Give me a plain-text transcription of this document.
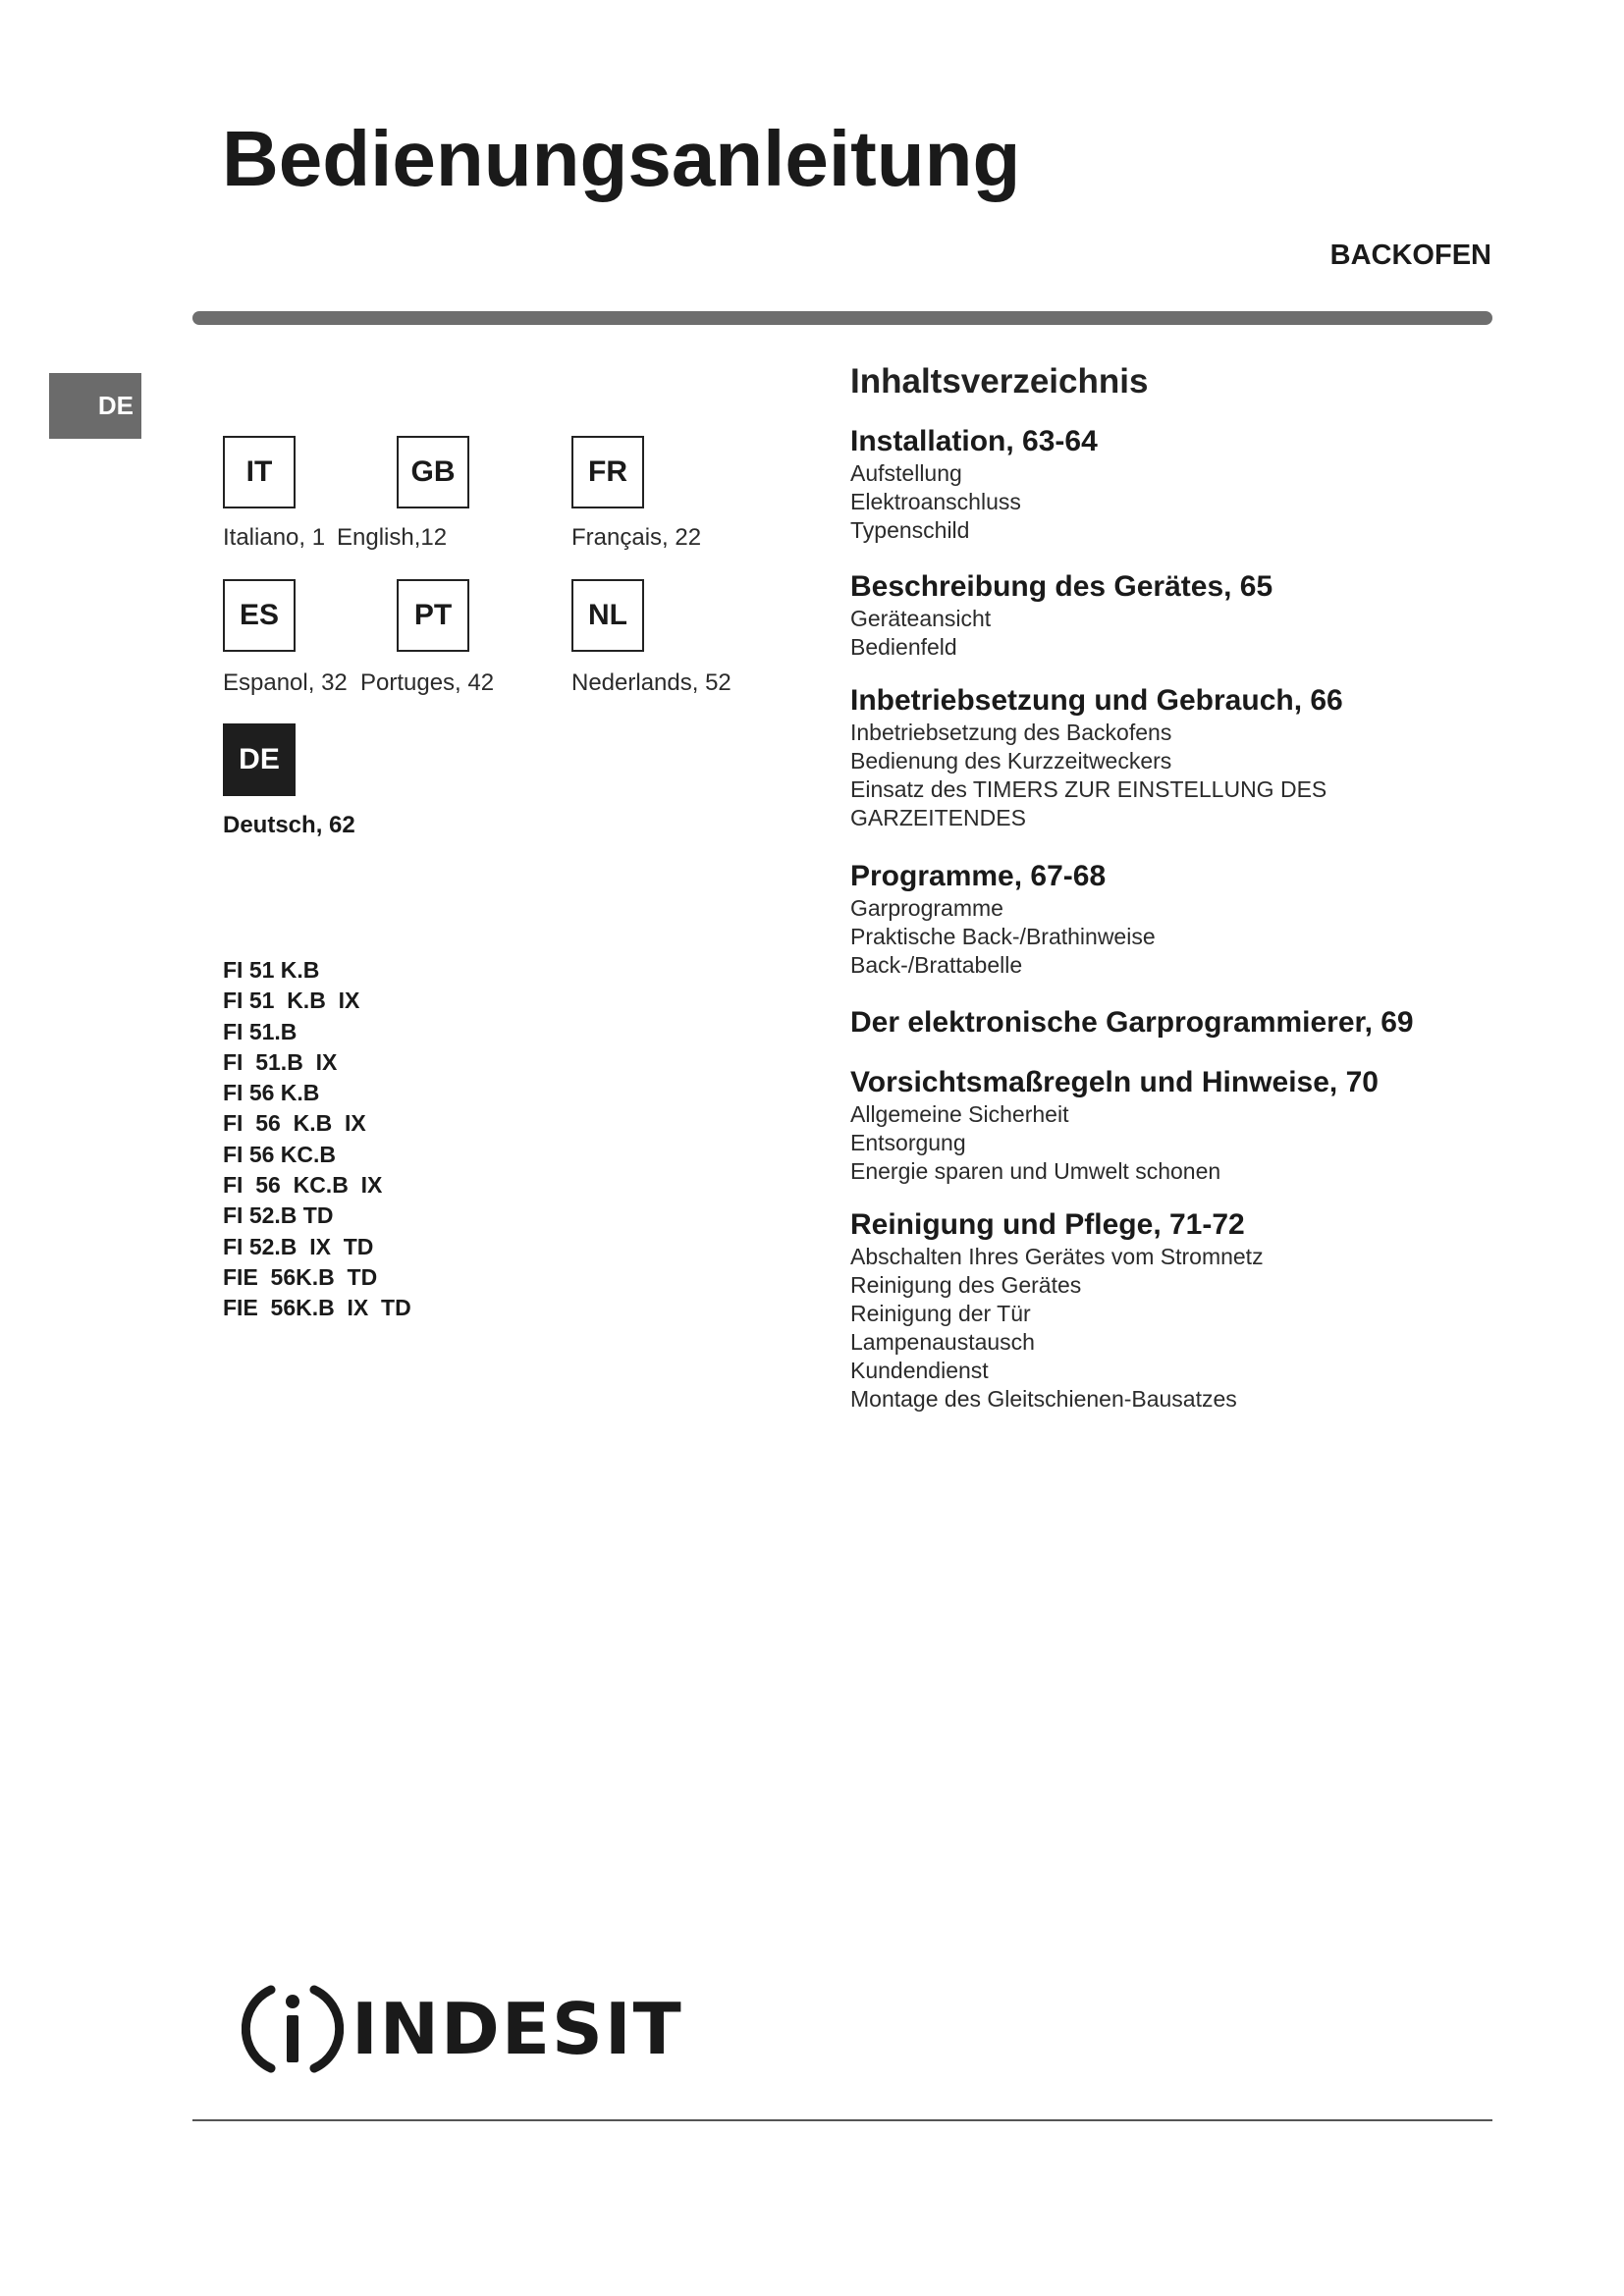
Bedienungsanleitung
BACKOFEN
DE
IT	GB	FR
Italiano, 1 English,12	Français, 22
ES	PT	NL
Espanol, 32 Portuges, 42	Nederlands, 52
DE
Deutsch, 62
FI 51 K.B
FI 51  K.B  IX
FI 51.B
FI  51.B  IX
FI 56 K.B
FI  56  K.B  IX
FI 56 KC.B
FI  56  KC.B  IX
FI 52.B TD
FI 52.B  IX  TD
FIE  56K.B  TD
FIE  56K.B  IX  TD
Inhaltsverzeichnis
Installation, 63-64
Aufstellung
Elektroanschluss
Typenschild
Beschreibung des Gerätes, 65
Geräteansicht
Bedienfeld
Inbetriebsetzung und Gebrauch, 66
Inbetriebsetzung des Backofens
Bedienung des Kurzzeitweckers
Einsatz des TIMERS ZUR EINSTELLUNG DES
GARZEITENDES
Programme, 67-68
Garprogramme
Praktische Back-/Brathinweise
Back-/Brattabelle
Der elektronische Garprogrammierer, 69
Vorsichtsmaßregeln und Hinweise, 70
Allgemeine Sicherheit
Entsorgung
Energie sparen und Umwelt schonen
Reinigung und Pflege, 71-72
Abschalten Ihres Gerätes vom Stromnetz
Reinigung des Gerätes
Reinigung der Tür
Lampenaustausch
Kundendienst
Montage des Gleitschienen-Bausatzes
INDESIT
